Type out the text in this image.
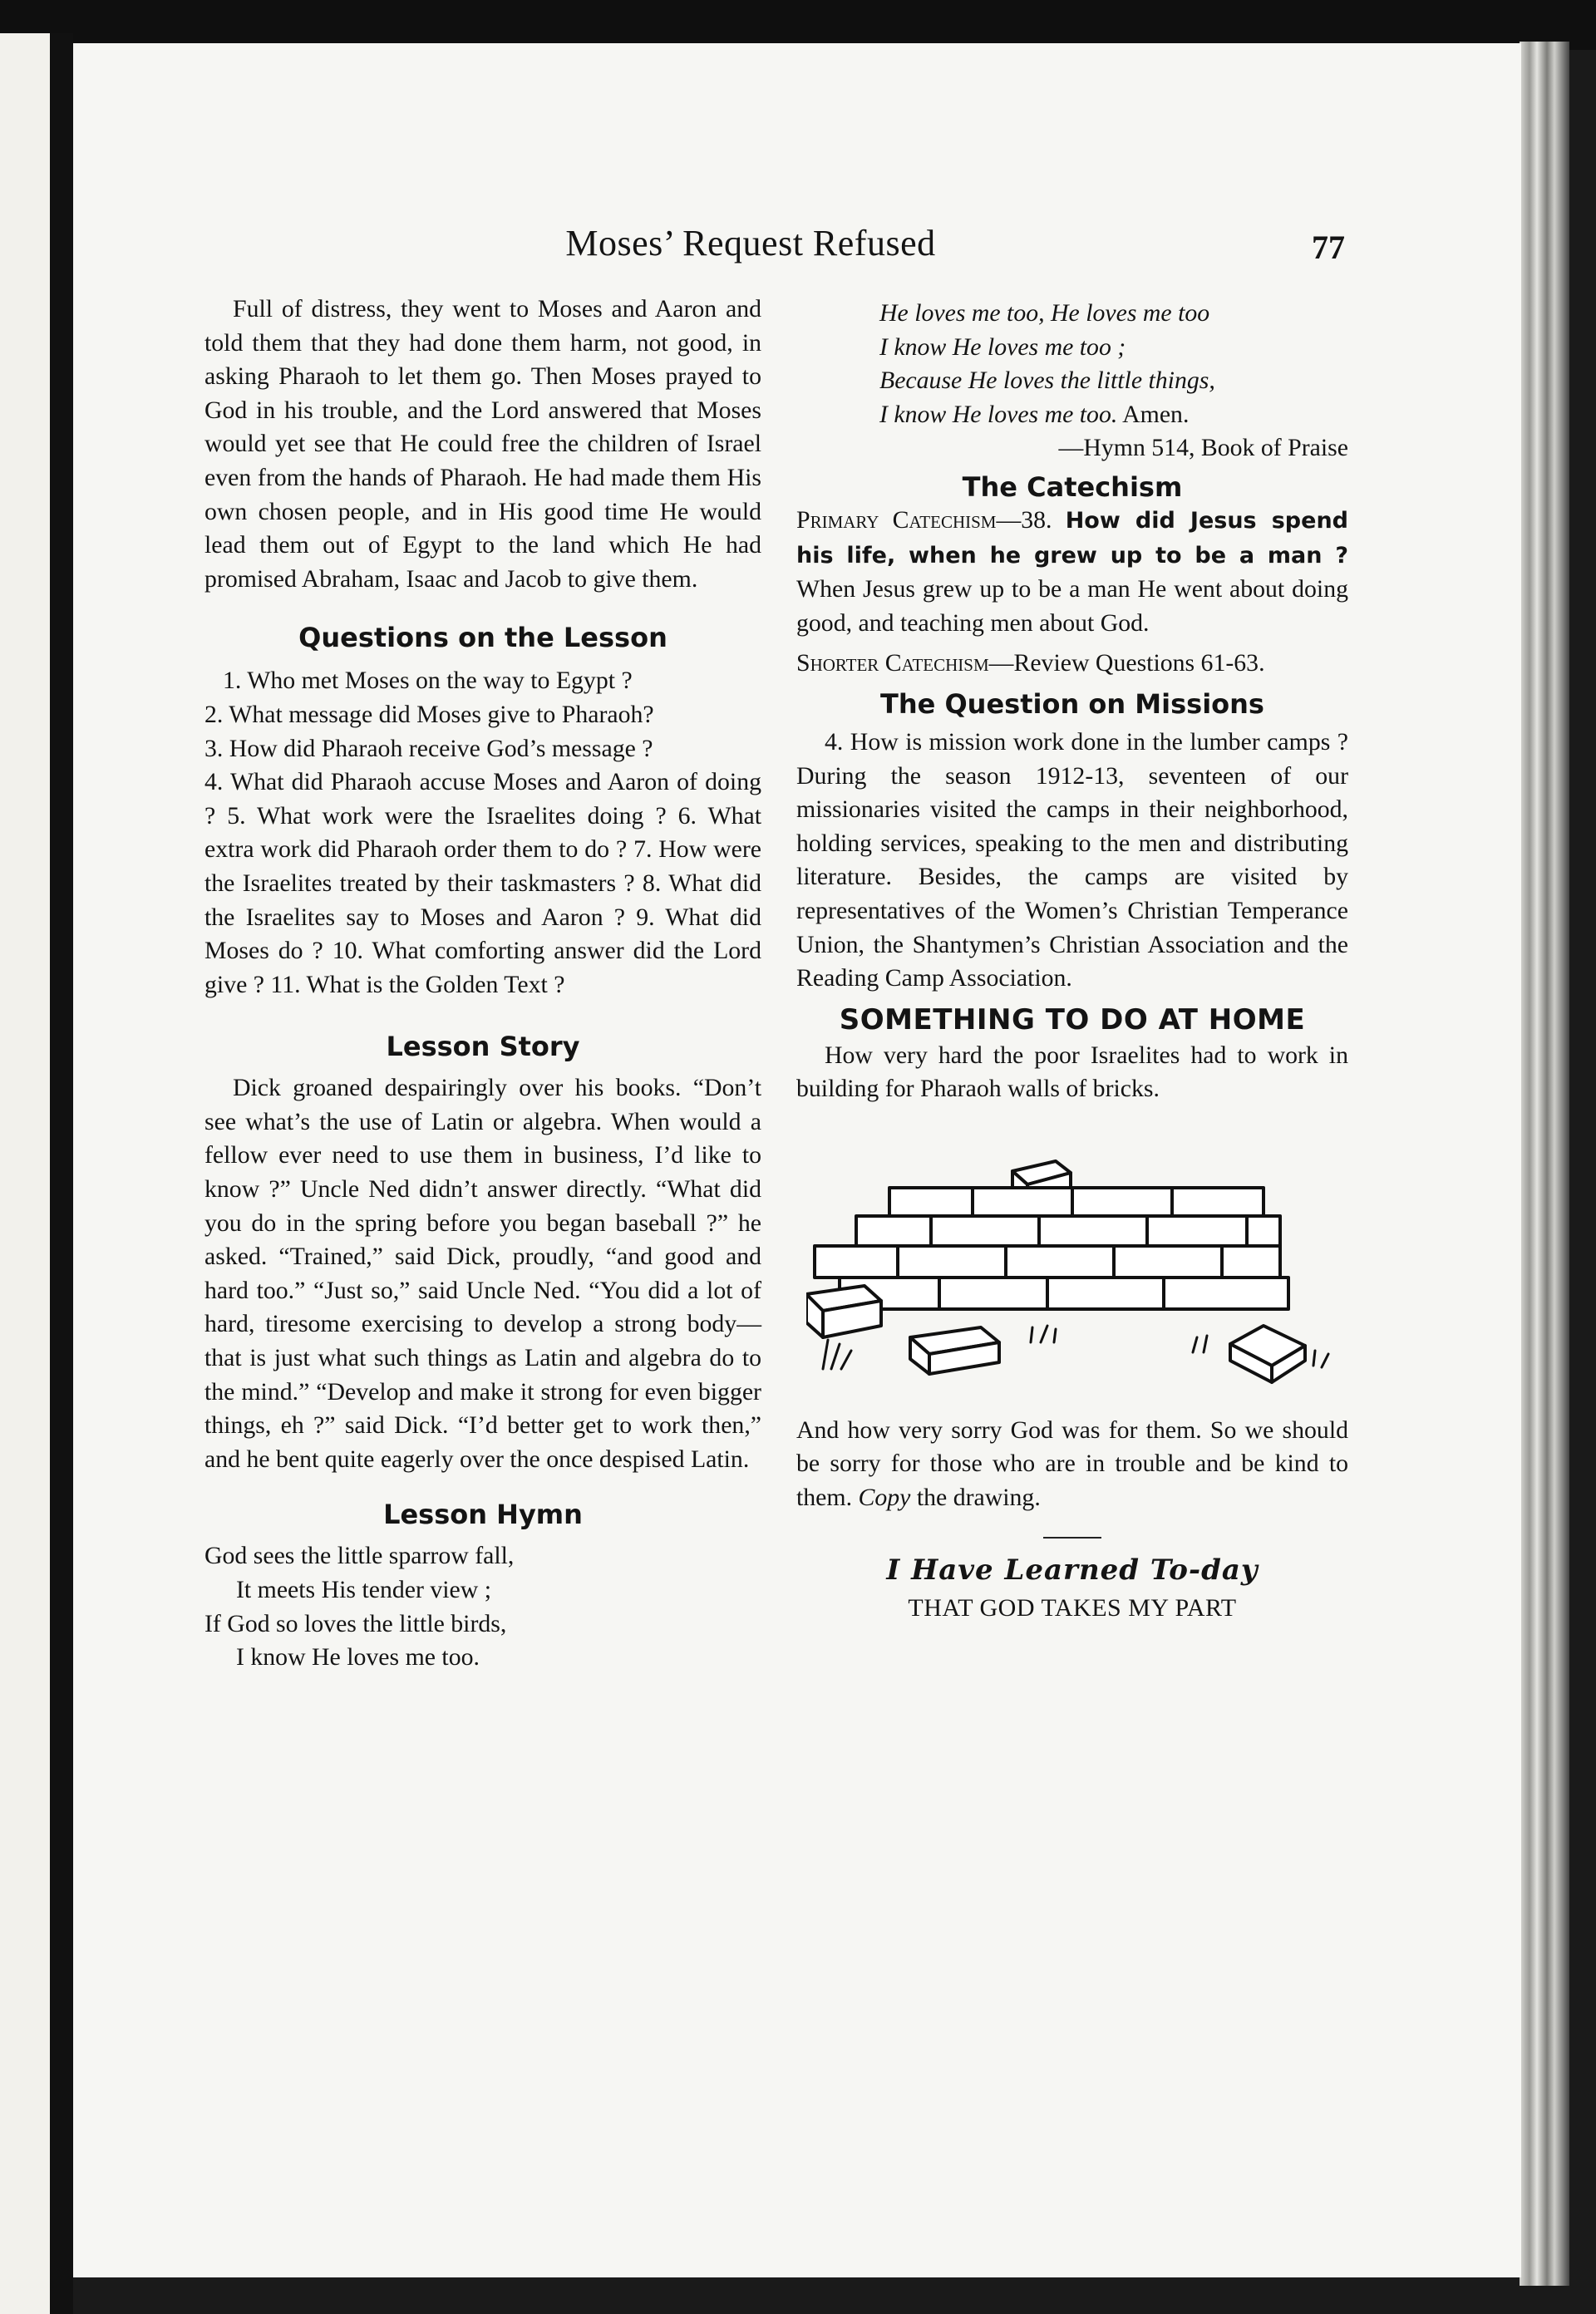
Moses’ Request Refused	77

Full of distress, they went to Moses and Aaron and told them that they had done them harm, not good, in asking Pharaoh to let them go. Then Moses prayed to God in his trouble, and the Lord answered that Moses would yet see that He could free the children of Israel even from the hands of Pharaoh. He had made them His own chosen people, and in His good time He would lead them out of Egypt to the land which He had promised Abraham, Isaac and Jacob to give them.

Questions on the Lesson

1. Who met Moses on the way to Egypt ?

2. What message did Moses give to Pharaoh?

3. How did Pharaoh receive God’s message ?

4. What did Pharaoh accuse Moses and Aaron of doing ? 5. What work were the Israelites doing ? 6. What extra work did Pharaoh order them to do ? 7. How were the Israelites treated by their taskmasters ? 8. What did the Israelites say to Moses and Aaron ? 9. What did Moses do ? 10. What comforting answer did the Lord give ? 11. What is the Golden Text ?

Lesson Story

Dick groaned despairingly over his books. “Don’t see what’s the use of Latin or algebra. When would a fellow ever need to use them in business, I’d like to know ?” Uncle Ned didn’t answer directly. “What did you do in the spring before you began baseball ?” he asked. “Trained,” said Dick, proudly, “and good and hard too.” “Just so,” said Uncle Ned. “You did a lot of hard, tiresome exercising to develop a strong body—that is just what such things as Latin and algebra do to the mind.” “Develop and make it strong for even bigger things, eh ?” said Dick. “I’d better get to work then,” and he bent quite eagerly over the once despised Latin.

Lesson Hymn

God sees the little sparrow fall,

It meets His tender view ;

If God so loves the little birds,

I know He loves me too.

He loves me too, He loves me too

I know He loves me too ;

Because He loves the little things,

I know He loves me too. Amen.

—Hymn 514, Book of Praise

The Catechism

Primary Catechism—38. How did Jesus spend his life, when he grew up to be a man ? When Jesus grew up to be a man He went about doing good, and teaching men about God.

Shorter Catechism—Review Questions 61-63.

The Question on Missions

4. How is mission work done in the lumber camps ? During the season 1912-13, seventeen of our missionaries visited the camps in their neighborhood, holding services, speaking to the men and distributing literature. Besides, the camps are visited by representatives of the Women’s Christian Temperance Union, the Shantymen’s Christian Association and the Reading Camp Association.

SOMETHING TO DO AT HOME

How very hard the poor Israelites had to work in building for Pharaoh walls of bricks.

And how very sorry God was for them. So we should be sorry for those who are in trouble and be kind to them. Copy the drawing.

I Have Learned To-day

THAT GOD TAKES MY PART
